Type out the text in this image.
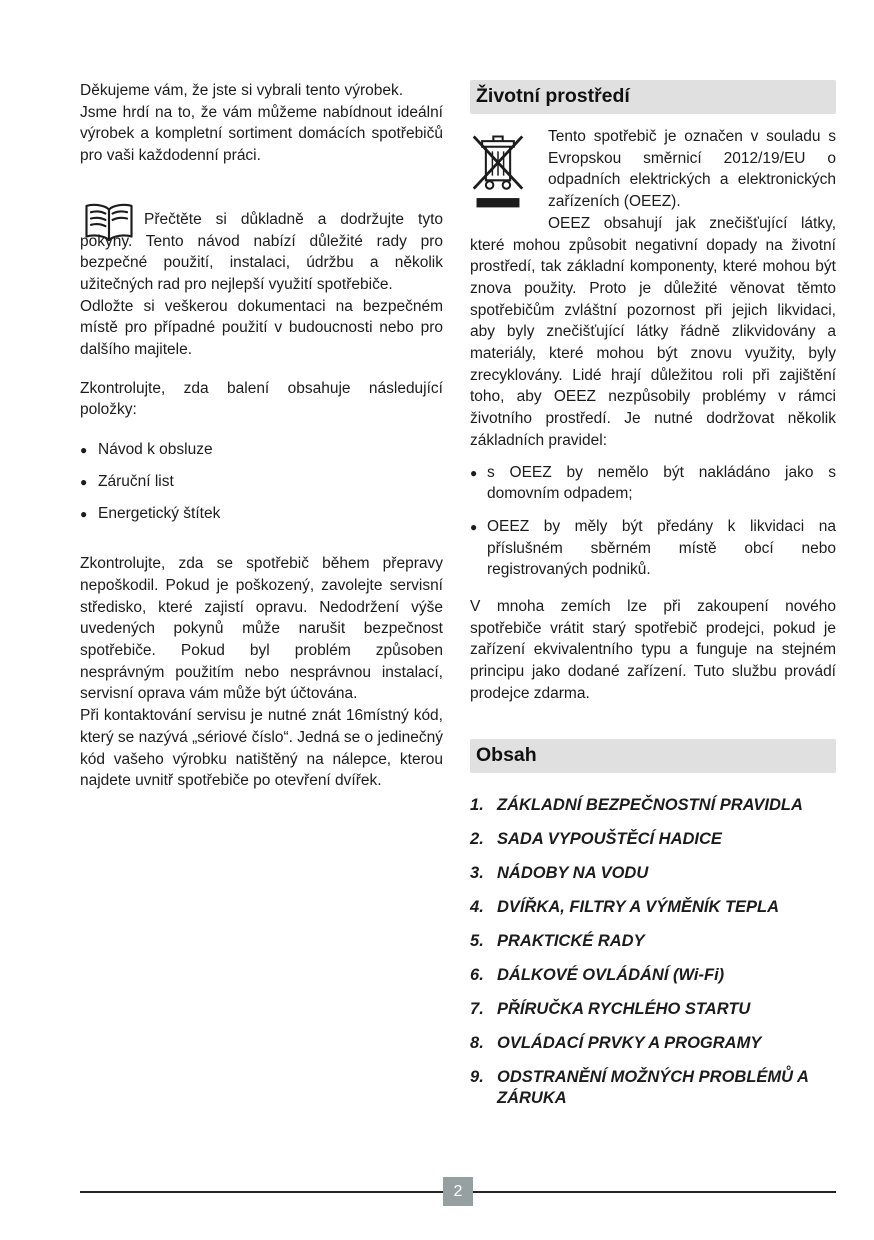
Děkujeme vám, že jste si vybrali tento výrobek.

Jsme hrdí na to, že vám můžeme nabídnout ideální výrobek a kompletní sortiment domácích spotřebičů pro vaši každodenní práci.

Přečtěte si důkladně a dodržujte tyto pokyny. Tento návod nabízí důležité rady pro bezpečné použití, instalaci, údržbu a několik užitečných rad pro nejlepší využití spotřebiče.

Odložte si veškerou dokumentaci na bezpečném místě pro případné použití v budoucnosti nebo pro dalšího majitele.

Zkontrolujte, zda balení obsahuje následující položky:

● Návod k obsluze
● Záruční list
● Energetický štítek

Zkontrolujte, zda se spotřebič během přepravy nepoškodil. Pokud je poškozený, zavolejte servisní středisko, které zajistí opravu. Nedodržení výše uvedených pokynů může narušit bezpečnost spotřebiče. Pokud byl problém způsoben nesprávným použitím nebo nesprávnou instalací, servisní oprava vám může být účtována.

Při kontaktování servisu je nutné znát 16místný kód, který se nazývá „sériové číslo“. Jedná se o jedinečný kód vašeho výrobku natištěný na nálepce, kterou najdete uvnitř spotřebiče po otevření dvířek.

Životní prostředí

Tento spotřebič je označen v souladu s Evropskou směrnicí 2012/19/EU o odpadních elektrických a elektronických zařízeních (OEEZ).

OEEZ obsahují jak znečišťující látky, které mohou způsobit negativní dopady na životní prostředí, tak základní komponenty, které mohou být znova použity. Proto je důležité věnovat těmto spotřebičům zvláštní pozornost při jejich likvidaci, aby byly znečišťující látky řádně zlikvidovány a materiály, které mohou být znovu využity, byly zrecyklovány. Lidé hrají důležitou roli při zajištění toho, aby OEEZ nezpůsobily problémy v rámci životního prostředí. Je nutné dodržovat několik základních pravidel:

● s OEEZ by nemělo být nakládáno jako s domovním odpadem;
● OEEZ by měly být předány k likvidaci na příslušném sběrném místě obcí nebo registrovaných podniků.

V mnoha zemích lze při zakoupení nového spotřebiče vrátit starý spotřebič prodejci, pokud je zařízení ekvivalentního typu a funguje na stejném principu jako dodané zařízení. Tuto službu provádí prodejce zdarma.

Obsah
ZÁKLADNÍ BEZPEČNOSTNÍ PRAVIDLA
SADA VYPOUŠTĚCÍ HADICE
NÁDOBY NA VODU
DVÍŘKA, FILTRY A VÝMĚNÍK TEPLA
PRAKTICKÉ RADY
DÁLKOVÉ OVLÁDÁNÍ (Wi-Fi)
PŘÍRUČKA RYCHLÉHO STARTU
OVLÁDACÍ PRVKY A PROGRAMY
ODSTRANĚNÍ MOŽNÝCH PROBLÉMŮ A ZÁRUKA
2
